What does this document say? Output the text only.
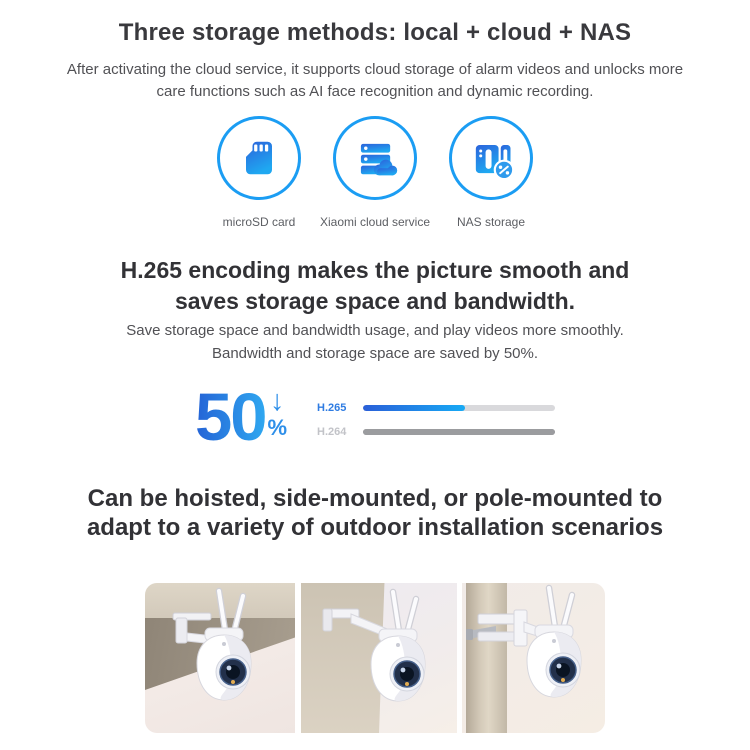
Three storage methods: local + cloud + NAS
After activating the cloud service, it supports cloud storage of alarm videos and unlocks more
care functions such as AI face recognition and dynamic recording.
microSD card Xiaomi cloud service NAS storage
H.265 encoding makes the picture smooth and
saves storage space and bandwidth.
Save storage space and bandwidth usage, and play videos more smoothly.
Bandwidth and storage space are saved by 50%.
50 ↓
%
H.265
H.264
Can be hoisted, side-mounted, or pole-mounted to
adapt to a variety of outdoor installation scenarios
